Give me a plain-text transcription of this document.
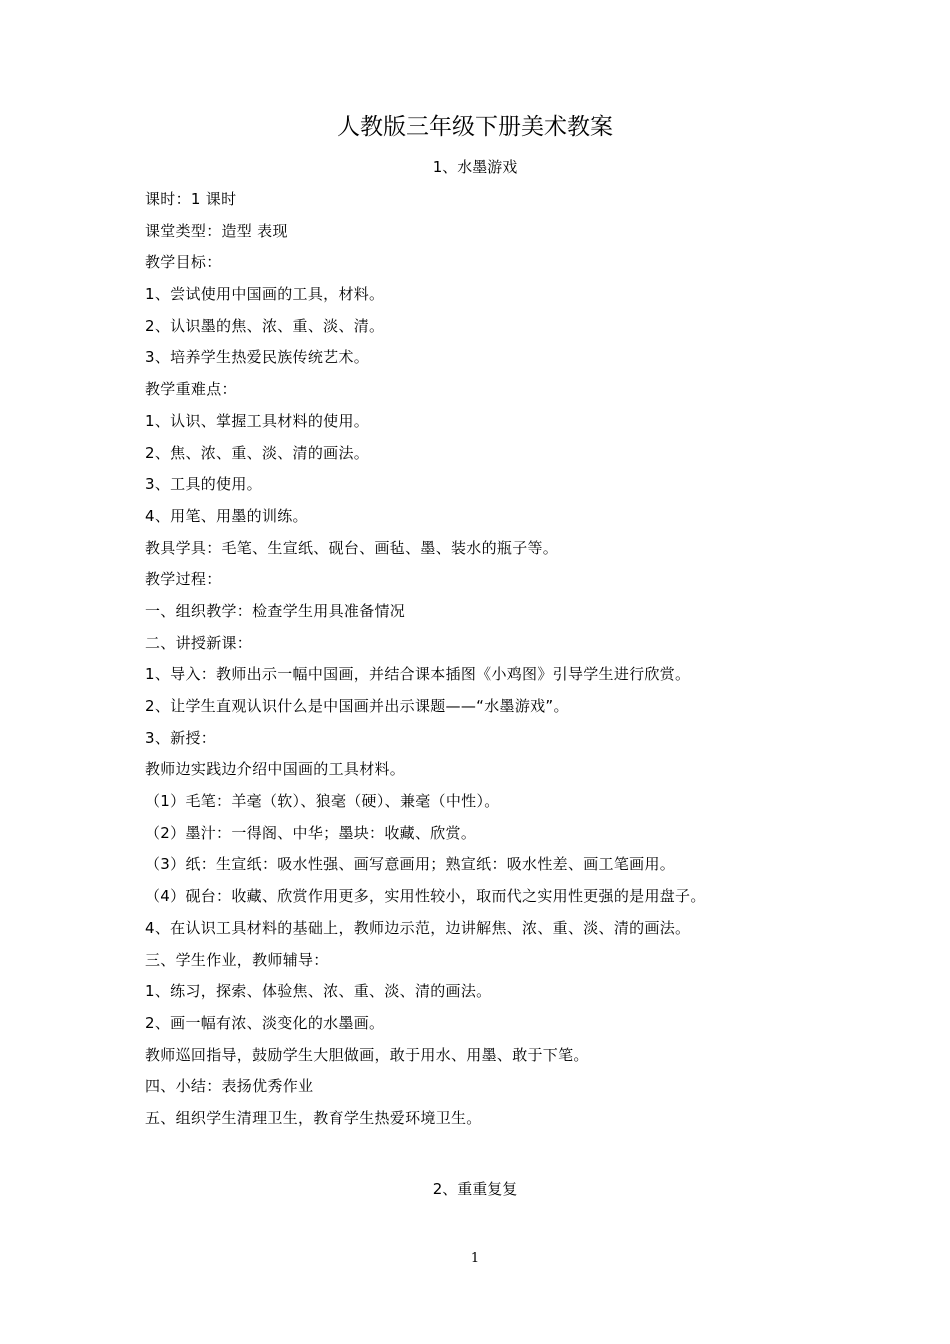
人教版三年级下册美术教案
1、水墨游戏
课时：1 课时
课堂类型：造型 表现
教学目标：
1、尝试使用中国画的工具，材料。
2、认识墨的焦、浓、重、淡、清。
3、培养学生热爱民族传统艺术。
教学重难点：
1、认识、掌握工具材料的使用。
2、焦、浓、重、淡、清的画法。
3、工具的使用。
4、用笔、用墨的训练。
教具学具：毛笔、生宣纸、砚台、画毡、墨、装水的瓶子等。
教学过程：
一、组织教学：检查学生用具准备情况
二、讲授新课：
1、导入：教师出示一幅中国画，并结合课本插图《小鸡图》引导学生进行欣赏。
2、让学生直观认识什么是中国画并出示课题——“水墨游戏”。
3、新授：
教师边实践边介绍中国画的工具材料。
（1）毛笔：羊毫（软）、狼毫（硬）、兼毫（中性）。
（2）墨汁：一得阁、中华；墨块：收藏、欣赏。
（3）纸：生宣纸：吸水性强、画写意画用；熟宣纸：吸水性差、画工笔画用。
（4）砚台：收藏、欣赏作用更多，实用性较小，取而代之实用性更强的是用盘子。
4、在认识工具材料的基础上，教师边示范，边讲解焦、浓、重、淡、清的画法。
三、学生作业，教师辅导：
1、练习，探索、体验焦、浓、重、淡、清的画法。
2、画一幅有浓、淡变化的水墨画。
教师巡回指导，鼓励学生大胆做画，敢于用水、用墨、敢于下笔。
四、小结：表扬优秀作业
五、组织学生清理卫生，教育学生热爱环境卫生。
2、重重复复
1
